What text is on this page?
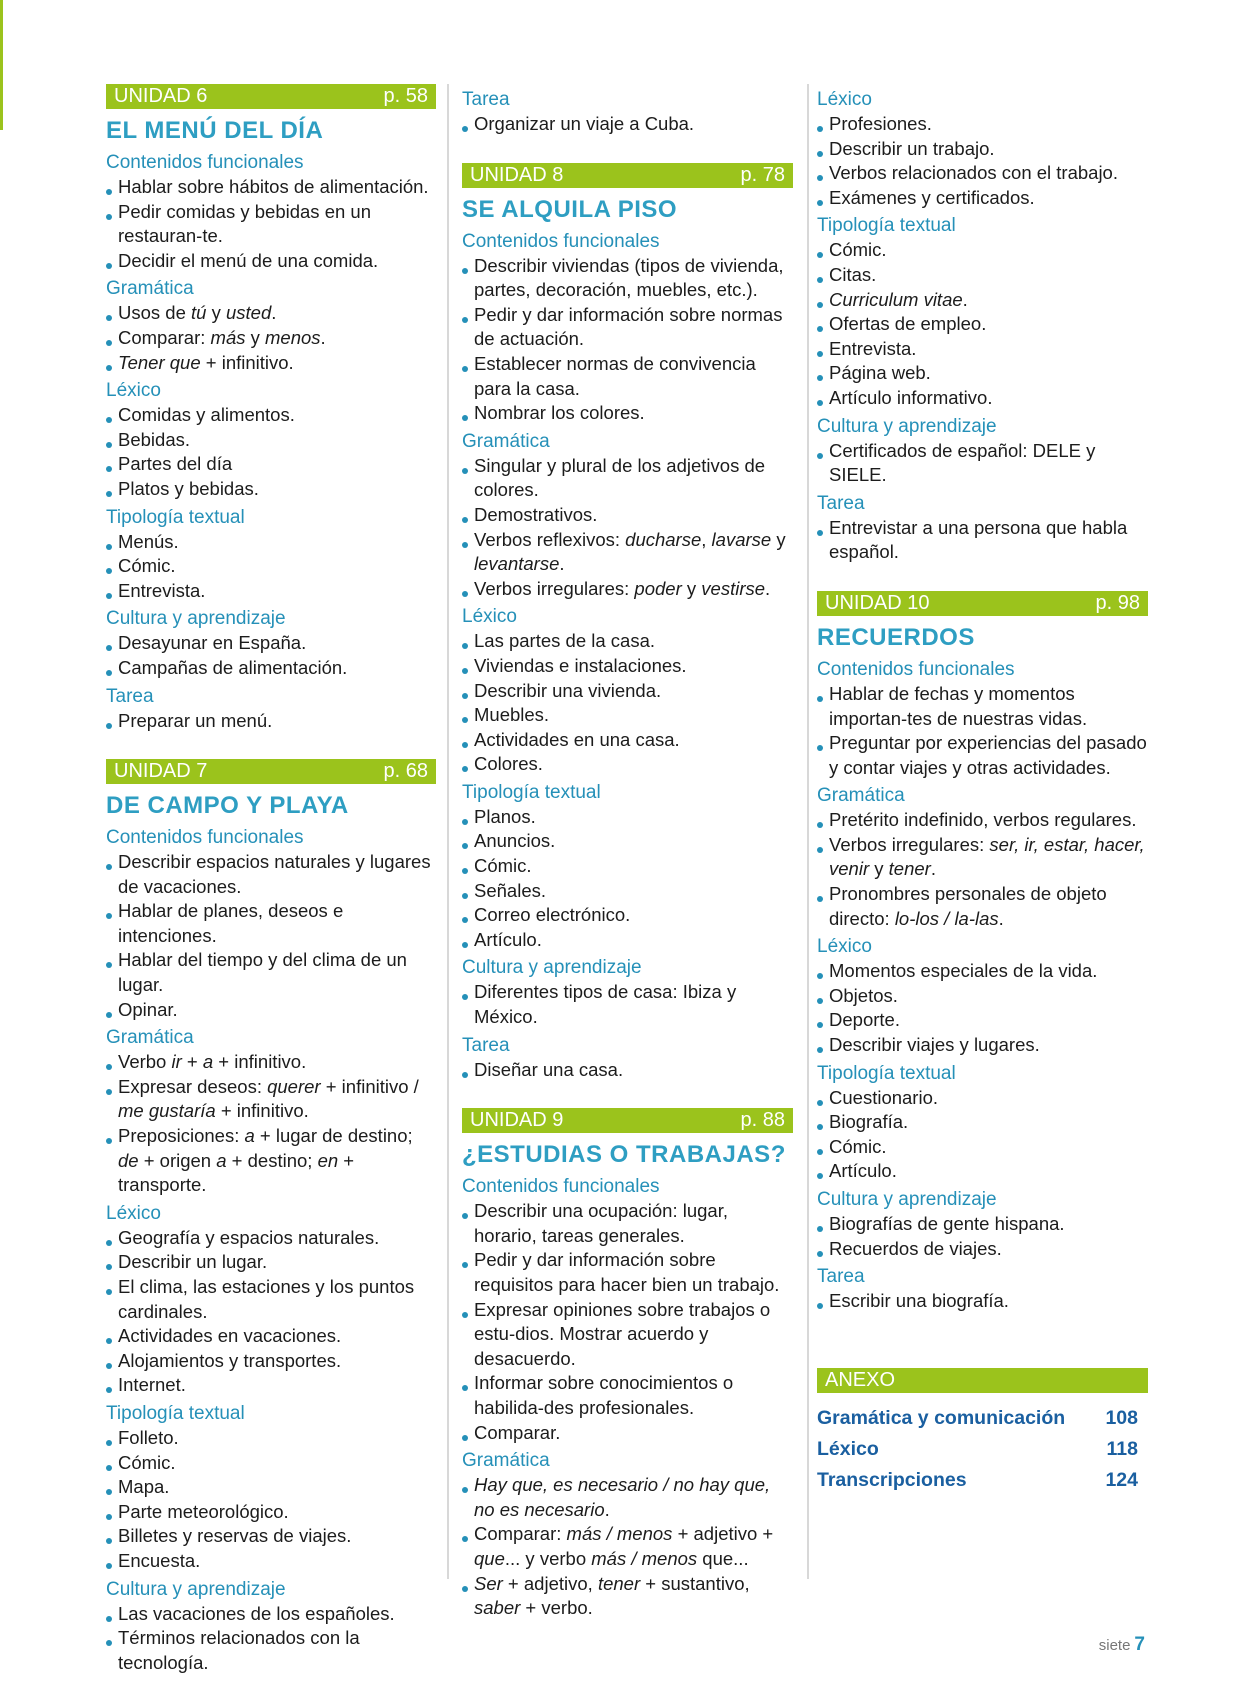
UNIDAD 6	p. 58
EL MENÚ DEL DÍA
Contenidos funcionales
Hablar sobre hábitos de alimentación.
Pedir comidas y bebidas en un restauran-te.
Decidir el menú de una comida.
Gramática
Usos de tú y usted.
Comparar: más y menos.
Tener que + infinitivo.
Léxico
Comidas y alimentos.
Bebidas.
Partes del día
Platos y bebidas.
Tipología textual
Menús.
Cómic.
Entrevista.
Cultura y aprendizaje
Desayunar en España.
Campañas de alimentación.
Tarea
Preparar un menú.
UNIDAD 7	p. 68
DE CAMPO Y PLAYA
Contenidos funcionales
Describir espacios naturales y lugares de vacaciones.
Hablar de planes, deseos e intenciones.
Hablar del tiempo y del clima de un lugar.
Opinar.
Gramática
Verbo ir + a + infinitivo.
Expresar deseos: querer + infinitivo / me gustaría + infinitivo.
Preposiciones: a + lugar de destino; de + origen a + destino; en + transporte.
Léxico
Geografía y espacios naturales.
Describir un lugar.
El clima, las estaciones y los puntos cardinales.
Actividades en vacaciones.
Alojamientos y transportes.
Internet.
Tipología textual
Folleto.
Cómic.
Mapa.
Parte meteorológico.
Billetes y reservas de viajes.
Encuesta.
Cultura y aprendizaje
Las vacaciones de los españoles.
Términos relacionados con la tecnología.
Tarea
Organizar un viaje a Cuba.
UNIDAD 8	p. 78
SE ALQUILA PISO
Contenidos funcionales
Describir viviendas (tipos de vivienda, partes, decoración, muebles, etc.).
Pedir y dar información sobre normas de actuación.
Establecer normas de convivencia para la casa.
Nombrar los colores.
Gramática
Singular y plural de los adjetivos de colores.
Demostrativos.
Verbos reflexivos: ducharse, lavarse y levantarse.
Verbos irregulares: poder y vestirse.
Léxico
Las partes de la casa.
Viviendas e instalaciones.
Describir una vivienda.
Muebles.
Actividades en una casa.
Colores.
Tipología textual
Planos.
Anuncios.
Cómic.
Señales.
Correo electrónico.
Artículo.
Cultura y aprendizaje
Diferentes tipos de casa: Ibiza y México.
Tarea
Diseñar una casa.
UNIDAD 9	p. 88
¿ESTUDIAS O TRABAJAS?
Contenidos funcionales
Describir una ocupación: lugar, horario, tareas generales.
Pedir y dar información sobre requisitos para hacer bien un trabajo.
Expresar opiniones sobre trabajos o estu-dios. Mostrar acuerdo y desacuerdo.
Informar sobre conocimientos o habilida-des profesionales.
Comparar.
Gramática
Hay que, es necesario / no hay que, no es necesario.
Comparar: más / menos + adjetivo + que... y verbo más / menos que...
Ser + adjetivo, tener + sustantivo, saber + verbo.
Léxico
Profesiones.
Describir un trabajo.
Verbos relacionados con el trabajo.
Exámenes y certificados.
Tipología textual
Cómic.
Citas.
Curriculum vitae.
Ofertas de empleo.
Entrevista.
Página web.
Artículo informativo.
Cultura y aprendizaje
Certificados de español: DELE y SIELE.
Tarea
Entrevistar a una persona que habla español.
UNIDAD 10	p. 98
RECUERDOS
Contenidos funcionales
Hablar de fechas y momentos importan-tes de nuestras vidas.
Preguntar por experiencias del pasado y contar viajes y otras actividades.
Gramática
Pretérito indefinido, verbos regulares.
Verbos irregulares: ser, ir, estar, hacer, venir y tener.
Pronombres personales de objeto directo: lo-los / la-las.
Léxico
Momentos especiales de la vida.
Objetos.
Deporte.
Describir viajes y lugares.
Tipología textual
Cuestionario.
Biografía.
Cómic.
Artículo.
Cultura y aprendizaje
Biografías de gente hispana.
Recuerdos de viajes.
Tarea
Escribir una biografía.
ANEXO
Gramática y comunicación 108
Léxico	118
Transcripciones	124
siete 7
